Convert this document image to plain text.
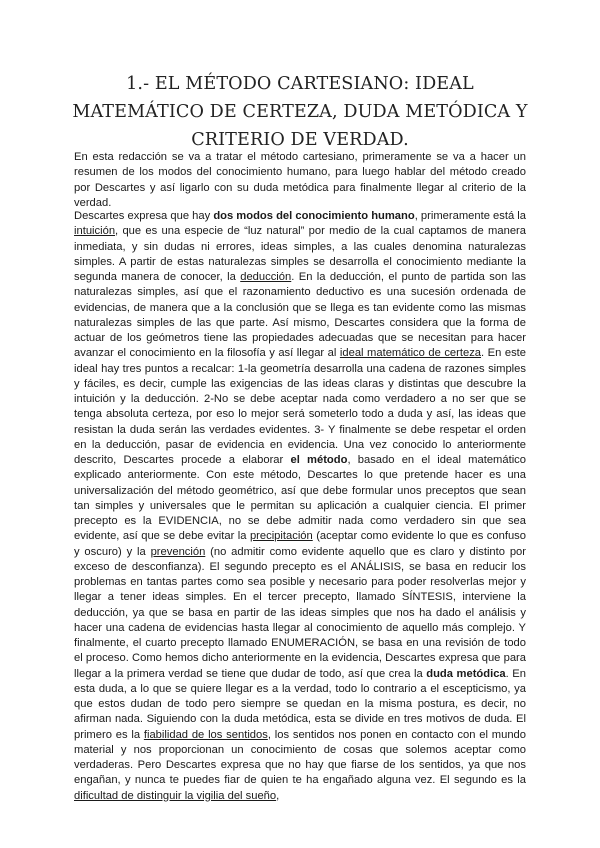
1.- EL MÉTODO CARTESIANO: IDEAL MATEMÁTICO DE CERTEZA, DUDA METÓDICA Y CRITERIO DE VERDAD.

En esta redacción se va a tratar el método cartesiano, primeramente se va a hacer un resumen de los modos del conocimiento humano, para luego hablar del método creado por Descartes y así ligarlo con su duda metódica para finalmente llegar al criterio de la verdad.

Descartes expresa que hay dos modos del conocimiento humano, primeramente está la intuición, que es una especie de “luz natural” por medio de la cual captamos de manera inmediata, y sin dudas ni errores, ideas simples, a las cuales denomina naturalezas simples. A partir de estas naturalezas simples se desarrolla el conocimiento mediante la segunda manera de conocer, la deducción. En la deducción, el punto de partida son las naturalezas simples, así que el razonamiento deductivo es una sucesión ordenada de evidencias, de manera que a la conclusión que se llega es tan evidente como las mismas naturalezas simples de las que parte. Así mismo, Descartes considera que la forma de actuar de los geómetros tiene las propiedades adecuadas que se necesitan para hacer avanzar el conocimiento en la filosofía y así llegar al ideal matemático de certeza. En este ideal hay tres puntos a recalcar: 1-la geometría desarrolla una cadena de razones simples y fáciles, es decir, cumple las exigencias de las ideas claras y distintas que descubre la intuición y la deducción. 2-No se debe aceptar nada como verdadero a no ser que se tenga absoluta certeza, por eso lo mejor será someterlo todo a duda y así, las ideas que resistan la duda serán las verdades evidentes. 3- Y finalmente se debe respetar el orden en la deducción, pasar de evidencia en evidencia. Una vez conocido lo anteriormente descrito, Descartes procede a elaborar el método, basado en el ideal matemático explicado anteriormente. Con este método, Descartes lo que pretende hacer es una universalización del método geométrico, así que debe formular unos preceptos que sean tan simples y universales que le permitan su aplicación a cualquier ciencia. El primer precepto es la EVIDENCIA, no se debe admitir nada como verdadero sin que sea evidente, así que se debe evitar la precipitación (aceptar como evidente lo que es confuso y oscuro) y la prevención (no admitir como evidente aquello que es claro y distinto por exceso de desconfianza). El segundo precepto es el ANÁLISIS, se basa en reducir los problemas en tantas partes como sea posible y necesario para poder resolverlas mejor y llegar a tener ideas simples. En el tercer precepto, llamado SÍNTESIS, interviene la deducción, ya que se basa en partir de las ideas simples que nos ha dado el análisis y hacer una cadena de evidencias hasta llegar al conocimiento de aquello más complejo. Y finalmente, el cuarto precepto llamado ENUMERACIÓN, se basa en una revisión de todo el proceso. Como hemos dicho anteriormente en la evidencia, Descartes expresa que para llegar a la primera verdad se tiene que dudar de todo, así que crea la duda metódica. En esta duda, a lo que se quiere llegar es a la verdad, todo lo contrario a el escepticismo, ya que estos dudan de todo pero siempre se quedan en la misma postura, es decir, no afirman nada. Siguiendo con la duda metódica, esta se divide en tres motivos de duda. El primero es la fiabilidad de los sentidos, los sentidos nos ponen en contacto con el mundo material y nos proporcionan un conocimiento de cosas que solemos aceptar como verdaderas. Pero Descartes expresa que no hay que fiarse de los sentidos, ya que nos engañan, y nunca te puedes fiar de quien te ha engañado alguna vez. El segundo es la dificultad de distinguir la vigilia del sueño,
